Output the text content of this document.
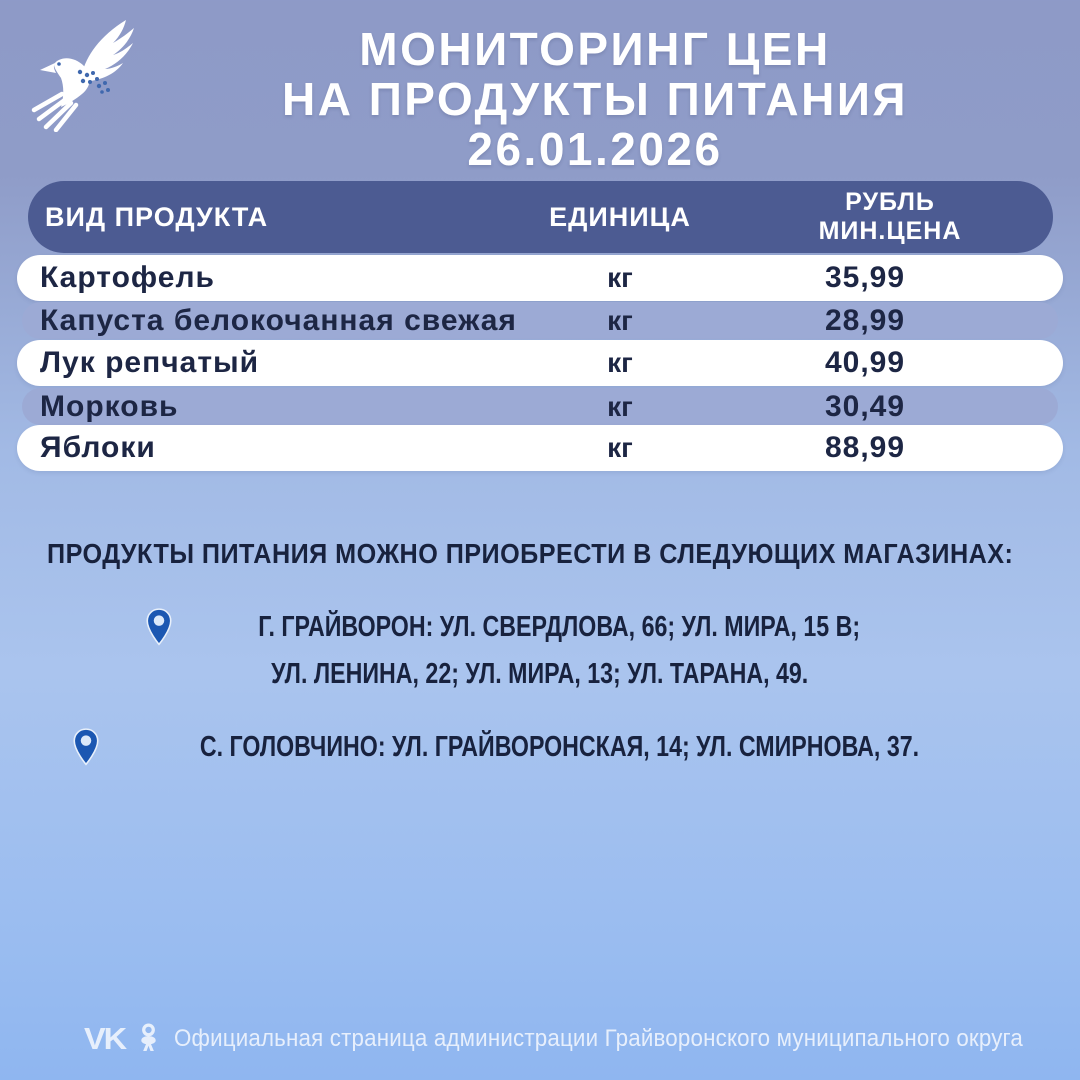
МОНИТОРИНГ ЦЕН
НА ПРОДУКТЫ ПИТАНИЯ
26.01.2026
ВИД ПРОДУКТА	ЕДИНИЦА	РУБЛЬ
МИН.ЦЕНА
Картофель	кг	35,99
Капуста белокочанная свежая	кг	28,99
Лук репчатый	кг	40,99
Морковь	кг	30,49
Яблоки	кг	88,99
ПРОДУКТЫ ПИТАНИЯ МОЖНО ПРИОБРЕСТИ В СЛЕДУЮЩИХ МАГАЗИНАХ:
Г. ГРАЙВОРОН: УЛ. СВЕРДЛОВА, 66; УЛ. МИРА, 15 В;
УЛ. ЛЕНИНА, 22; УЛ. МИРА, 13; УЛ. ТАРАНА, 49.
С. ГОЛОВЧИНО: УЛ. ГРАЙВОРОНСКАЯ, 14; УЛ. СМИРНОВА, 37.
VK Официальная страница администрации Грайворонского муниципального округа
